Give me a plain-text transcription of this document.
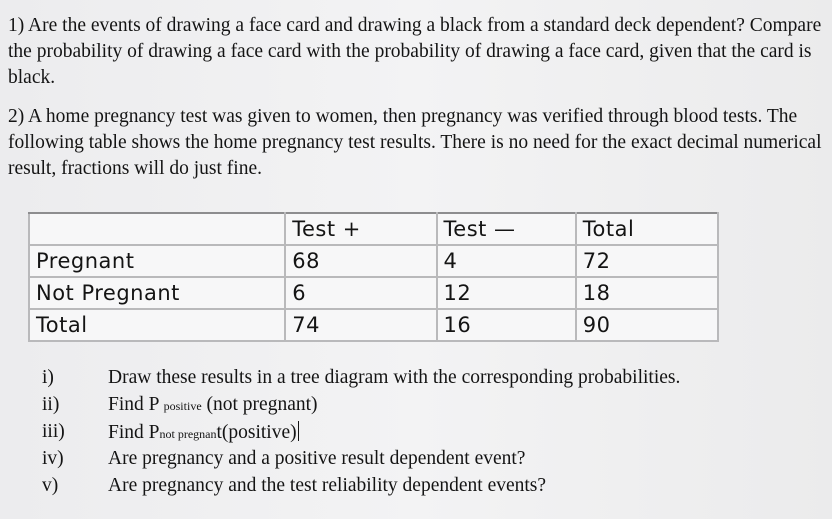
1) Are the events of drawing a face card and drawing a black from a standard deck dependent? Compare the probability of drawing a face card with the probability of drawing a face card, given that the card is black.
2) A home pregnancy test was given to women, then pregnancy was verified through blood tests. The following table shows the home pregnancy test results. There is no need for the exact decimal numerical result, fractions will do just fine.
	Test +	Test —	Total
Pregnant	68	4	72
Not Pregnant	6	12	18
Total	74	16	90
i)	Draw these results in a tree diagram with the corresponding probabilities.
ii) Find P positive (not pregnant)
iii) Find Pnot pregnant(positive)
iv) Are pregnancy and a positive result dependent event?
v)	Are pregnancy and the test reliability dependent events?
